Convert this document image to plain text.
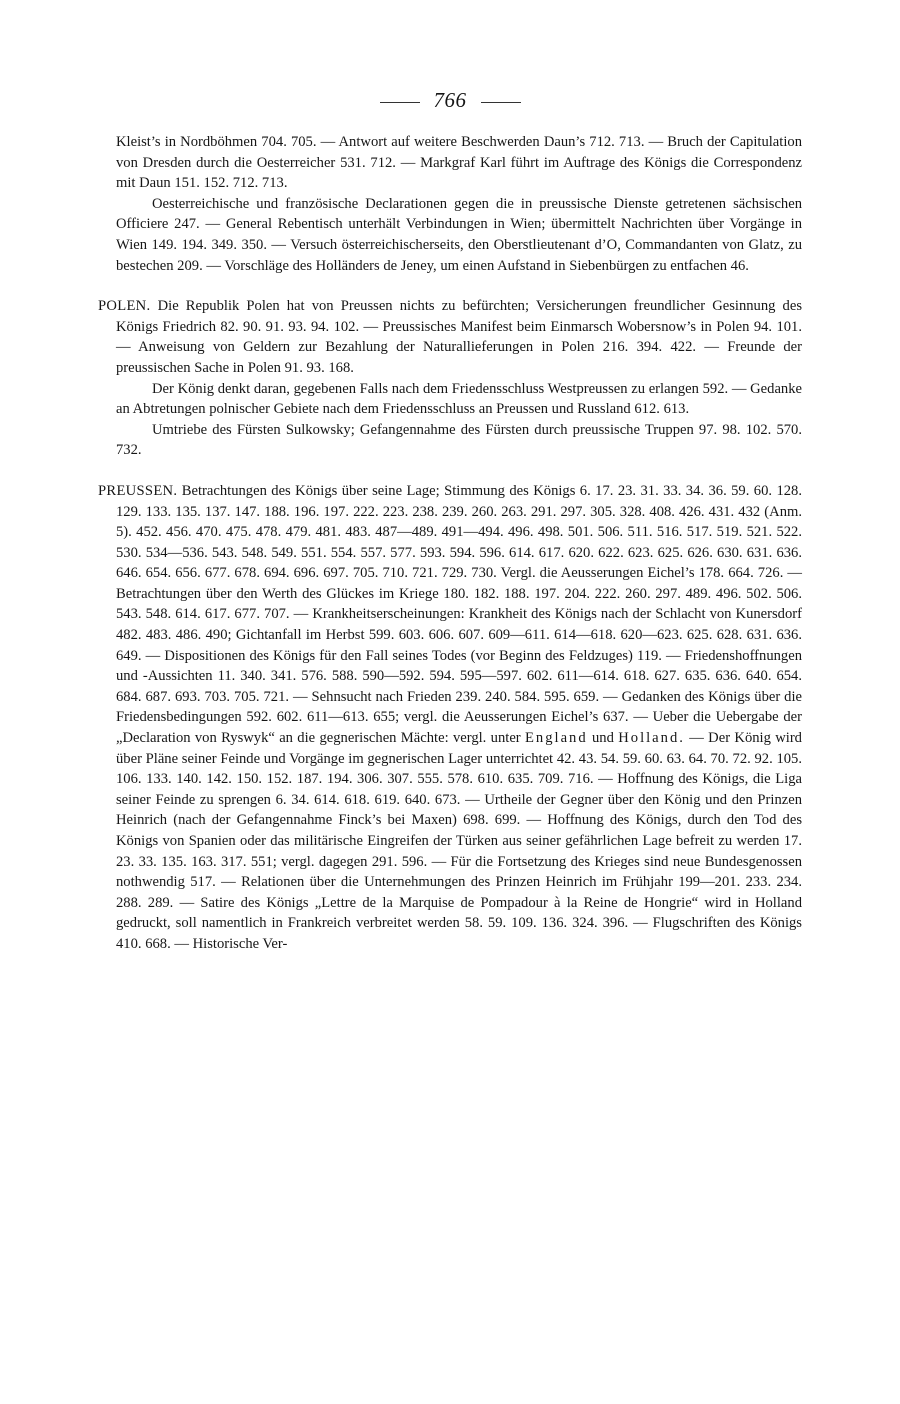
766

Kleist’s in Nordböhmen 704. 705. — Antwort auf weitere Beschwerden Daun’s 712. 713. — Bruch der Capitulation von Dresden durch die Oesterreicher 531. 712. — Markgraf Karl führt im Auftrage des Königs die Correspondenz mit Daun 151. 152. 712. 713.

Oesterreichische und französische Declarationen gegen die in preussische Dienste getretenen sächsischen Officiere 247. — General Rebentisch unterhält Verbindungen in Wien; übermittelt Nachrichten über Vorgänge in Wien 149. 194. 349. 350. — Versuch österreichischerseits, den Oberstlieutenant d’O, Commandanten von Glatz, zu bestechen 209. — Vorschläge des Holländers de Jeney, um einen Aufstand in Siebenbürgen zu entfachen 46.

POLEN. Die Republik Polen hat von Preussen nichts zu befürchten; Versicherungen freundlicher Gesinnung des Königs Friedrich 82. 90. 91. 93. 94. 102. — Preussisches Manifest beim Einmarsch Wobersnow’s in Polen 94. 101. — Anweisung von Geldern zur Bezahlung der Naturallieferungen in Polen 216. 394. 422. — Freunde der preussischen Sache in Polen 91. 93. 168.

Der König denkt daran, gegebenen Falls nach dem Friedensschluss Westpreussen zu erlangen 592. — Gedanke an Abtretungen polnischer Gebiete nach dem Friedensschluss an Preussen und Russland 612. 613.

Umtriebe des Fürsten Sulkowsky; Gefangennahme des Fürsten durch preussische Truppen 97. 98. 102. 570. 732.

PREUSSEN. Betrachtungen des Königs über seine Lage; Stimmung des Königs 6. 17. 23. 31. 33. 34. 36. 59. 60. 128. 129. 133. 135. 137. 147. 188. 196. 197. 222. 223. 238. 239. 260. 263. 291. 297. 305. 328. 408. 426. 431. 432 (Anm. 5). 452. 456. 470. 475. 478. 479. 481. 483. 487—489. 491—494. 496. 498. 501. 506. 511. 516. 517. 519. 521. 522. 530. 534—536. 543. 548. 549. 551. 554. 557. 577. 593. 594. 596. 614. 617. 620. 622. 623. 625. 626. 630. 631. 636. 646. 654. 656. 677. 678. 694. 696. 697. 705. 710. 721. 729. 730. Vergl. die Aeusserungen Eichel’s 178. 664. 726. — Betrachtungen über den Werth des Glückes im Kriege 180. 182. 188. 197. 204. 222. 260. 297. 489. 496. 502. 506. 543. 548. 614. 617. 677. 707. — Krankheitserscheinungen: Krankheit des Königs nach der Schlacht von Kunersdorf 482. 483. 486. 490; Gichtanfall im Herbst 599. 603. 606. 607. 609—611. 614—618. 620—623. 625. 628. 631. 636. 649. — Dispositionen des Königs für den Fall seines Todes (vor Beginn des Feldzuges) 119. — Friedenshoffnungen und -Aussichten 11. 340. 341. 576. 588. 590—592. 594. 595—597. 602. 611—614. 618. 627. 635. 636. 640. 654. 684. 687. 693. 703. 705. 721. — Sehnsucht nach Frieden 239. 240. 584. 595. 659. — Gedanken des Königs über die Friedensbedingungen 592. 602. 611—613. 655; vergl. die Aeusserungen Eichel’s 637. — Ueber die Uebergabe der „Declaration von Ryswyk“ an die gegnerischen Mächte: vergl. unter England und Holland. — Der König wird über Pläne seiner Feinde und Vorgänge im gegnerischen Lager unterrichtet 42. 43. 54. 59. 60. 63. 64. 70. 72. 92. 105. 106. 133. 140. 142. 150. 152. 187. 194. 306. 307. 555. 578. 610. 635. 709. 716. — Hoffnung des Königs, die Liga seiner Feinde zu sprengen 6. 34. 614. 618. 619. 640. 673. — Urtheile der Gegner über den König und den Prinzen Heinrich (nach der Gefangennahme Finck’s bei Maxen) 698. 699. — Hoffnung des Königs, durch den Tod des Königs von Spanien oder das militärische Eingreifen der Türken aus seiner gefährlichen Lage befreit zu werden 17. 23. 33. 135. 163. 317. 551; vergl. dagegen 291. 596. — Für die Fortsetzung des Krieges sind neue Bundesgenossen nothwendig 517. — Relationen über die Unternehmungen des Prinzen Heinrich im Frühjahr 199—201. 233. 234. 288. 289. — Satire des Königs „Lettre de la Marquise de Pompadour à la Reine de Hongrie“ wird in Holland gedruckt, soll namentlich in Frankreich verbreitet werden 58. 59. 109. 136. 324. 396. — Flugschriften des Königs 410. 668. — Historische Ver-
